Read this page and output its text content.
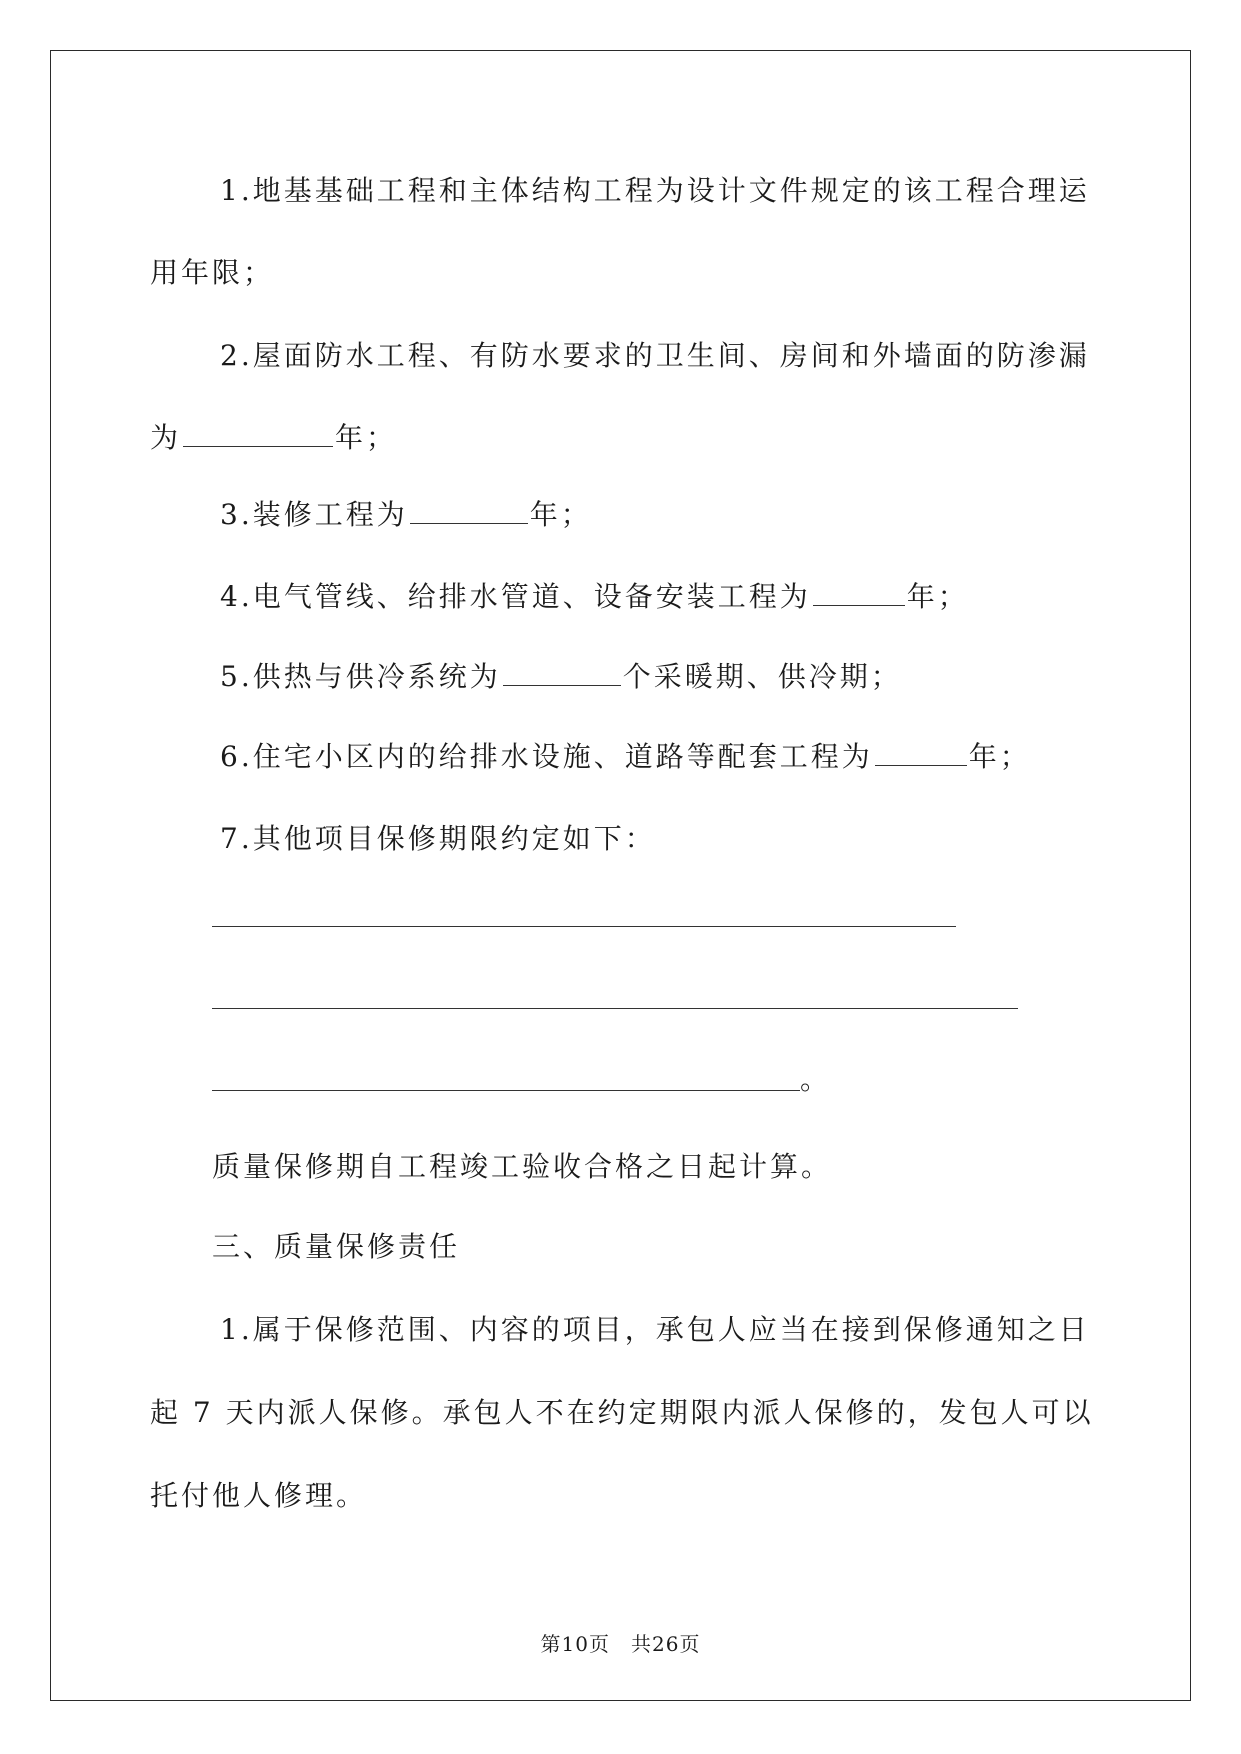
1.地基基础工程和主体结构工程为设计文件规定的该工程合理运
用年限；
2.屋面防水工程、有防水要求的卫生间、房间和外墙面的防渗漏
为	年；
3.装修工程为	年；
4.电气管线、给排水管道、设备安装工程为	年；
5.供热与供冷系统为	个采暖期、供冷期；
6.住宅小区内的给排水设施、道路等配套工程为	年；
7.其他项目保修期限约定如下：
。
质量保修期自工程竣工验收合格之日起计算。
三、质量保修责任
1.属于保修范围、内容的项目，承包人应当在接到保修通知之日
起 7 天内派人保修。承包人不在约定期限内派人保修的，发包人可以
托付他人修理。
第10页　共26页
